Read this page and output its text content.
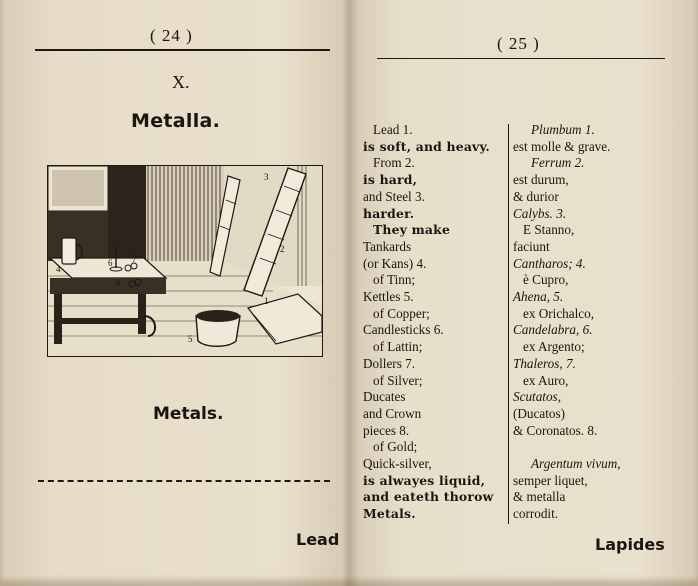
( 24 )
X.
Metalla.
1
2
3
4
5
6 7
8
Metals.
Lead
( 25 )
Lead 1.
is soft, and heavy.
From 2.
is hard,
and Steel 3.
harder.
They make
Tankards
(or Kans) 4.
of Tinn;
Kettles 5.
of Copper;
Candlesticks 6.
of Lattin;
Dollers 7.
of Silver;
Ducates
and Crown
pieces 8.
of Gold;
Quick-silver,
is alwayes liquid,
and eateth thorow
Metals.
Plumbum 1.
est molle & grave.
Ferrum 2.
est durum,
& durior
Calybs. 3.
E Stanno,
faciunt
Cantharos; 4.
è Cupro,
Ahena, 5.
ex Orichalco,
Candelabra, 6.
ex Argento;
Thaleros, 7.
ex Auro,
Scutatos,
(Ducatos)
& Coronatos. 8.
Argentum vivum,
semper liquet,
& metalla
corrodit.
Lapides
